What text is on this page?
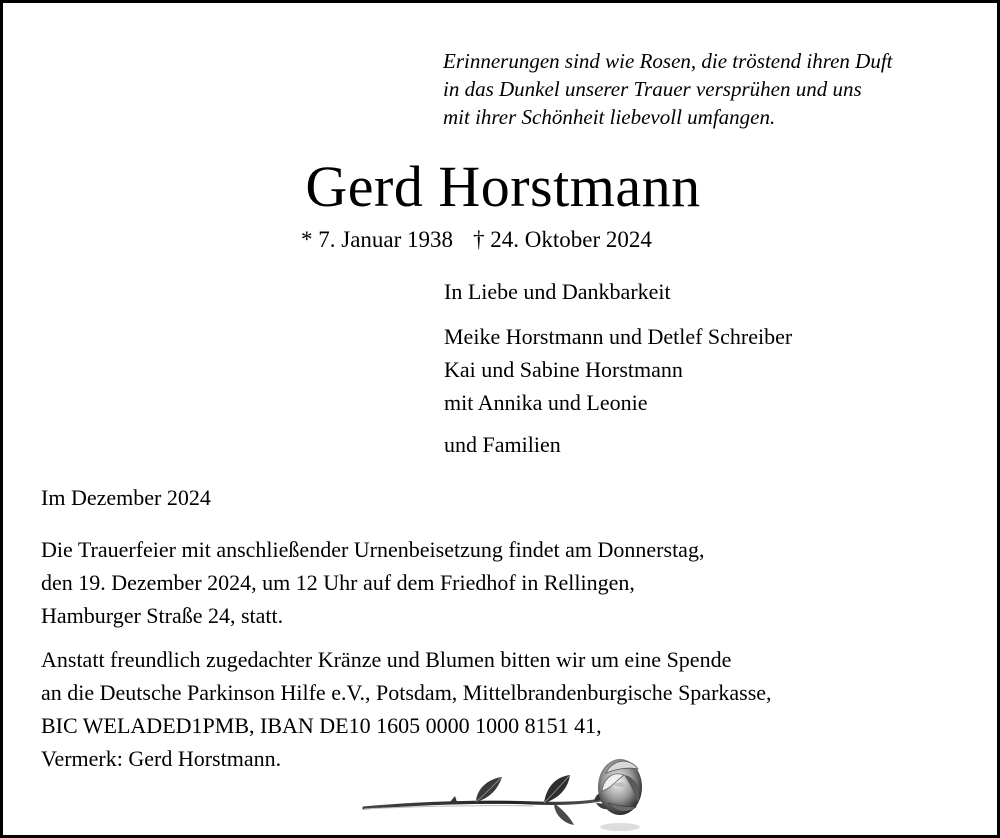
Erinnerungen sind wie Rosen, die tröstend ihren Duft
in das Dunkel unserer Trauer versprühen und uns
mit ihrer Schönheit liebevoll umfangen.
Gerd Horstmann
* 7. Januar 1938 † 24. Oktober 2024
In Liebe und Dankbarkeit
Meike Horstmann und Detlef Schreiber
Kai und Sabine Horstmann
mit Annika und Leonie
und Familien
Im Dezember 2024
Die Trauerfeier mit anschließender Urnenbeisetzung findet am Donnerstag,
den 19. Dezember 2024, um 12 Uhr auf dem Friedhof in Rellingen,
Hamburger Straße 24, statt.
Anstatt freundlich zugedachter Kränze und Blumen bitten wir um eine Spende
an die Deutsche Parkinson Hilfe e.V., Potsdam, Mittelbrandenburgische Sparkasse,
BIC WELADED1PMB, IBAN DE10 1605 0000 1000 8151 41,
Vermerk: Gerd Horstmann.
